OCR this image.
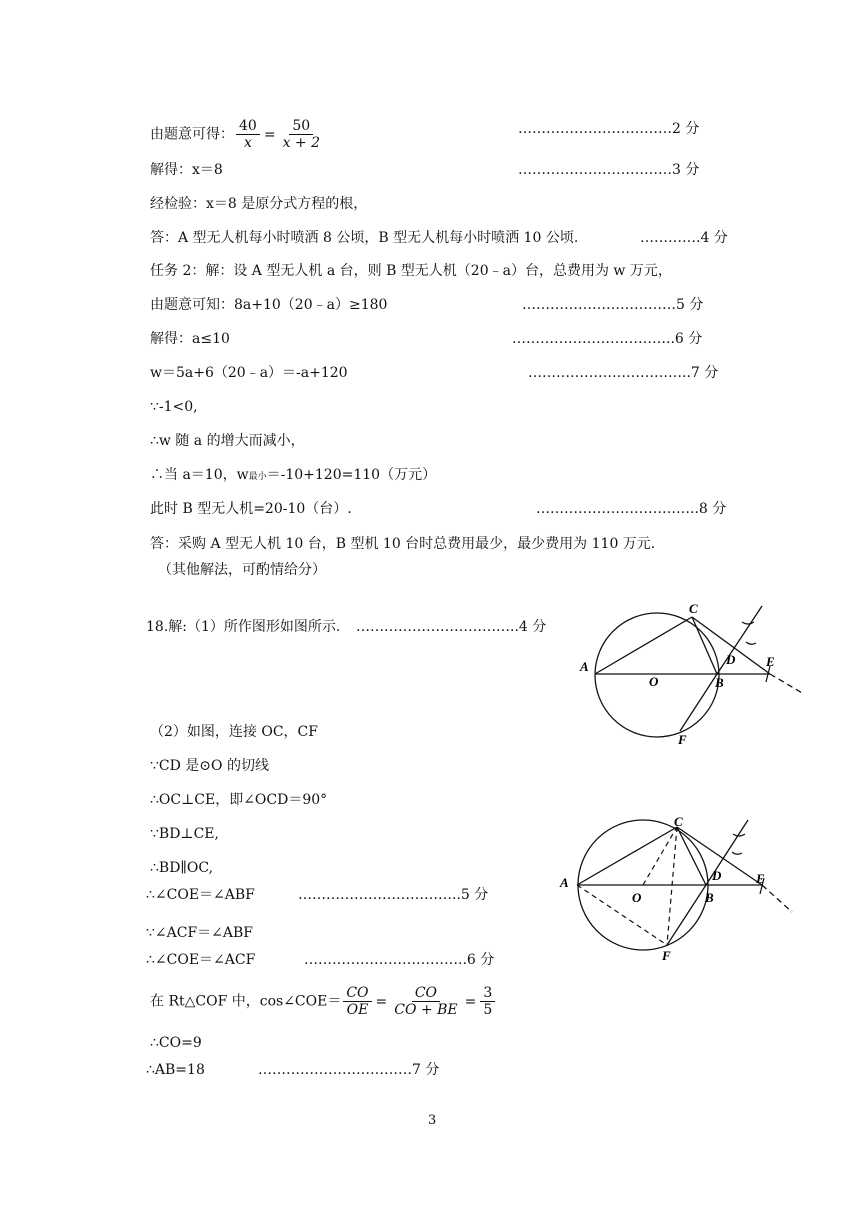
由题意可得： $\frac{40}{x} = \frac{50}{x + 2}$	……………………………2 分
解得：x＝8	……………………………3 分
经检验：x＝8 是原分式方程的根，
答：A 型无人机每小时喷洒 8 公顷，B 型无人机每小时喷洒 10 公顷.	………….4 分
任务 2：解：设 A 型无人机 a 台，则 B 型无人机（20﹣a）台，总费用为 w 万元，
由题意可知：8a+10（20﹣a）≥180	……………………………5 分
解得：a≤10	……………………………..6 分
w＝5a+6（20﹣a）＝-a+120	……………………………..7 分
∵-1<0,
∴w 随 a 的增大而减小，
∴当 a＝10，w最小＝-10+120=110（万元）
此时 B 型无人机=20-10（台）.	……………………………..8 分
答：采购 A 型无人机 10 台，B 型机 10 台时总费用最少，最少费用为 110 万元.
（其他解法，可酌情给分）
18.解:（1）所作图形如图所示. ……………………………..4 分
（2）如图，连接 OC，CF
∵CD 是⊙O 的切线
∴OC⊥CE，即∠OCD＝90°
∵BD⊥CE,
∴BD∥OC,
∴∠COE＝∠ABF	……………………………..5 分
∵∠ACF＝∠ABF
∴∠COE＝∠ACF	……………………………..6 分
在 Rt△COF 中，cos∠COE＝ $\frac{CO}{OE} = \frac{CO}{CO + BE} = \frac{3}{5}$
∴CO=9
∴AB=18	……………………………7 分
A
O	B
C
D E
F
A
O	B
C
D	E
F
3
